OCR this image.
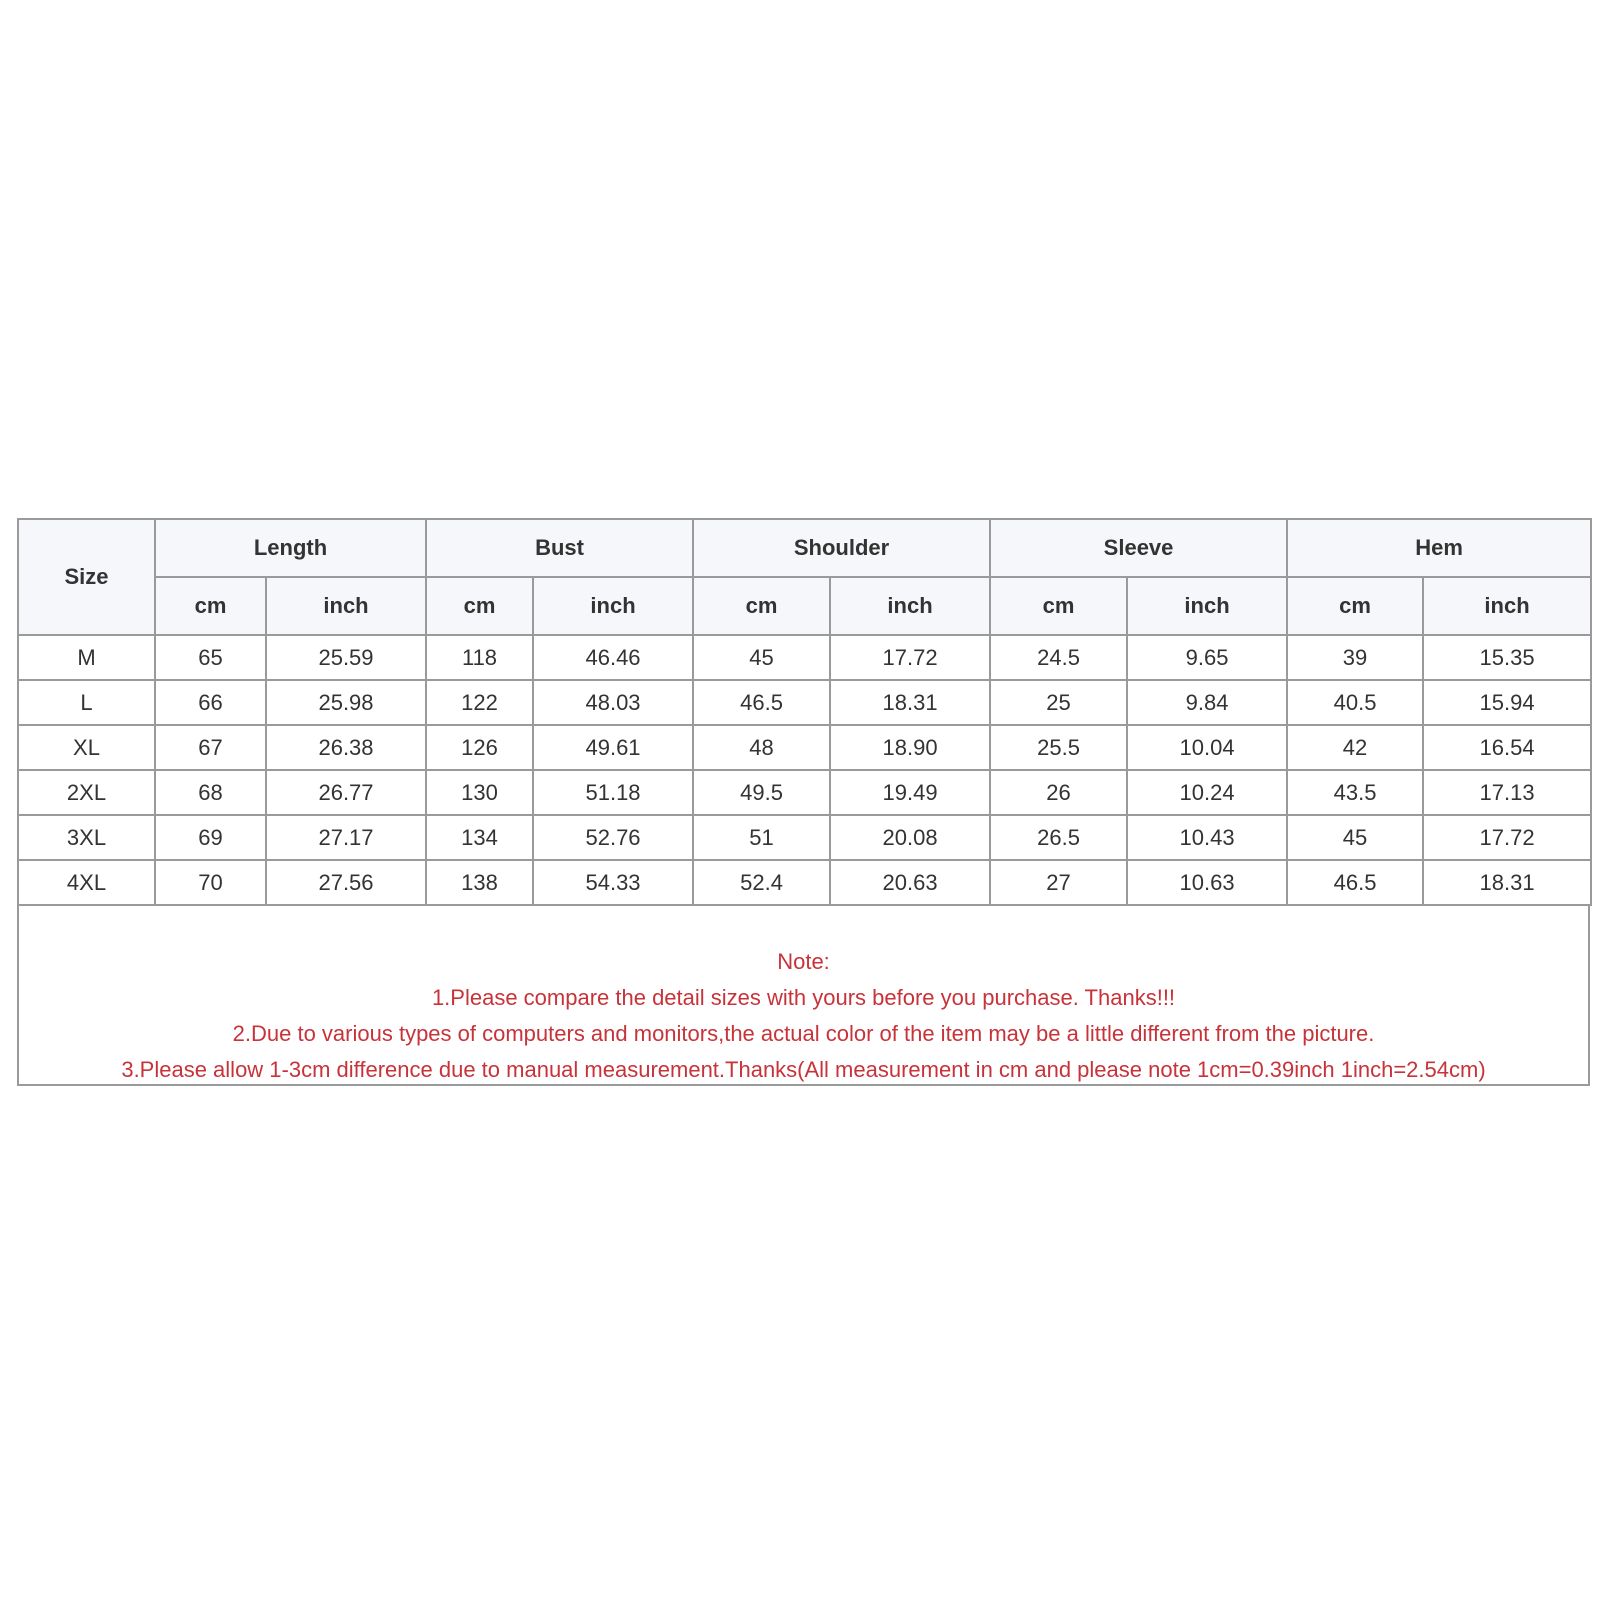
Size	Length		Bust		Shoulder		Sleeve		Hem	
	cm	inch	cm	inch	cm	inch	cm	inch	cm	inch
M	65	25.59	118	46.46	45	17.72	24.5	9.65	39	15.35
L	66	25.98	122	48.03	46.5	18.31	25	9.84	40.5	15.94
XL	67	26.38	126	49.61	48	18.90	25.5	10.04	42	16.54
2XL	68	26.77	130	51.18	49.5	19.49	26	10.24	43.5	17.13
3XL	69	27.17	134	52.76	51	20.08	26.5	10.43	45	17.72
4XL	70	27.56	138	54.33	52.4	20.63	27	10.63	46.5	18.31
Note:
1.Please compare the detail sizes with yours before you purchase. Thanks!!!
2.Due to various types of computers and monitors,the actual color of the item may be a little different from the picture.
3.Please allow 1-3cm difference due to manual measurement.Thanks(All measurement in cm and please note 1cm=0.39inch 1inch=2.54cm)
